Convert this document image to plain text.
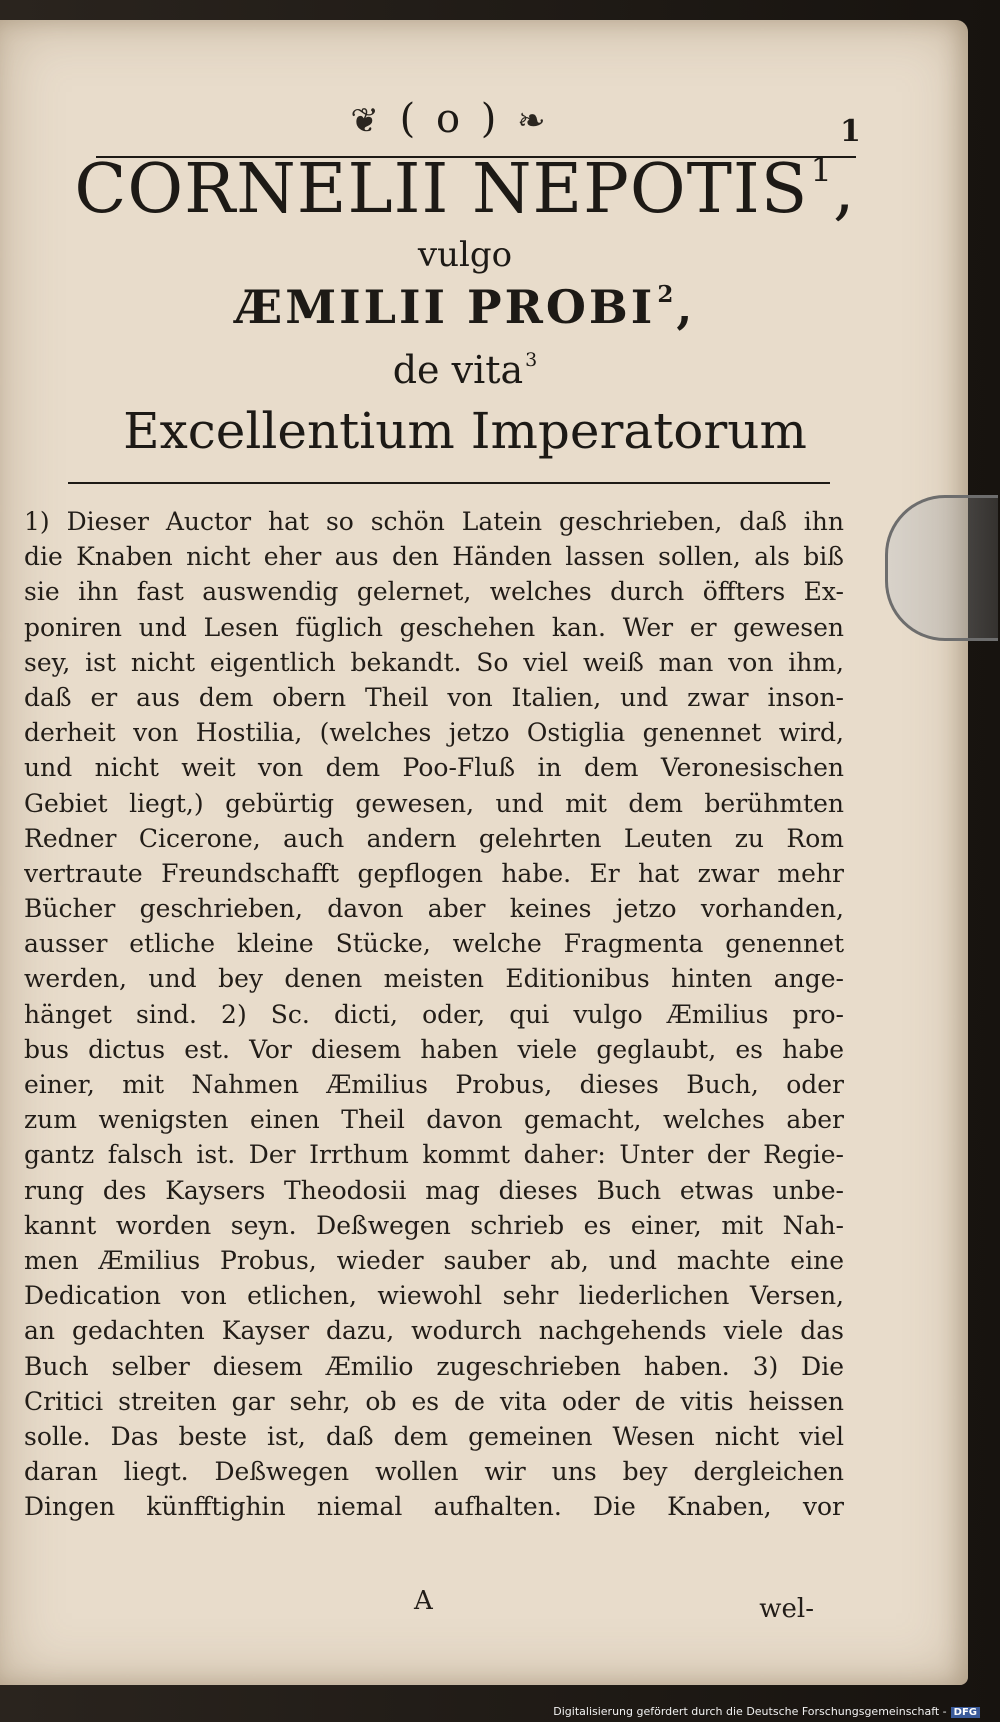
❦ ( o ) ❧	1
CORNELII NEPOTIS$^1$,
vulgo
ÆMILII PROBI$^2$,
de vita $^3$
Excellentium Imperatorum
1) Dieser Auctor hat so schön Latein geschrieben, daß ihn
die Knaben nicht eher aus den Händen lassen sollen, als biß
sie ihn fast auswendig gelernet, welches durch öffters Ex-
poniren und Lesen füglich geschehen kan. Wer er gewesen
sey, ist nicht eigentlich bekandt. So viel weiß man von ihm,
daß er aus dem obern Theil von Italien, und zwar inson-
derheit von Hostilia, (welches jetzo Ostiglia genennet wird,
und nicht weit von dem Poo-Fluß in dem Veronesischen
Gebiet liegt,) gebürtig gewesen, und mit dem berühmten
Redner Cicerone, auch andern gelehrten Leuten zu Rom
vertraute Freundschafft gepflogen habe. Er hat zwar mehr
Bücher geschrieben, davon aber keines jetzo vorhanden,
ausser etliche kleine Stücke, welche Fragmenta genennet
werden, und bey denen meisten Editionibus hinten ange-
hänget sind. 2) Sc. dicti, oder, qui vulgo Æmilius pro-
bus dictus est. Vor diesem haben viele geglaubt, es habe
einer, mit Nahmen Æmilius Probus, dieses Buch, oder
zum wenigsten einen Theil davon gemacht, welches aber
gantz falsch ist. Der Irrthum kommt daher: Unter der Regie-
rung des Kaysers Theodosii mag dieses Buch etwas unbe-
kannt worden seyn. Deßwegen schrieb es einer, mit Nah-
men Æmilius Probus, wieder sauber ab, und machte eine
Dedication von etlichen, wiewohl sehr liederlichen Versen,
an gedachten Kayser dazu, wodurch nachgehends viele das
Buch selber diesem Æmilio zugeschrieben haben. 3) Die
Critici streiten gar sehr, ob es de vita oder de vitis heissen
solle. Das beste ist, daß dem gemeinen Wesen nicht viel
daran liegt. Deßwegen wollen wir uns bey dergleichen
Dingen künfftighin niemal aufhalten. Die Knaben, vor
A	wel-
Digitalisierung gefördert durch die Deutsche Forschungsgemeinschaft - DFG
